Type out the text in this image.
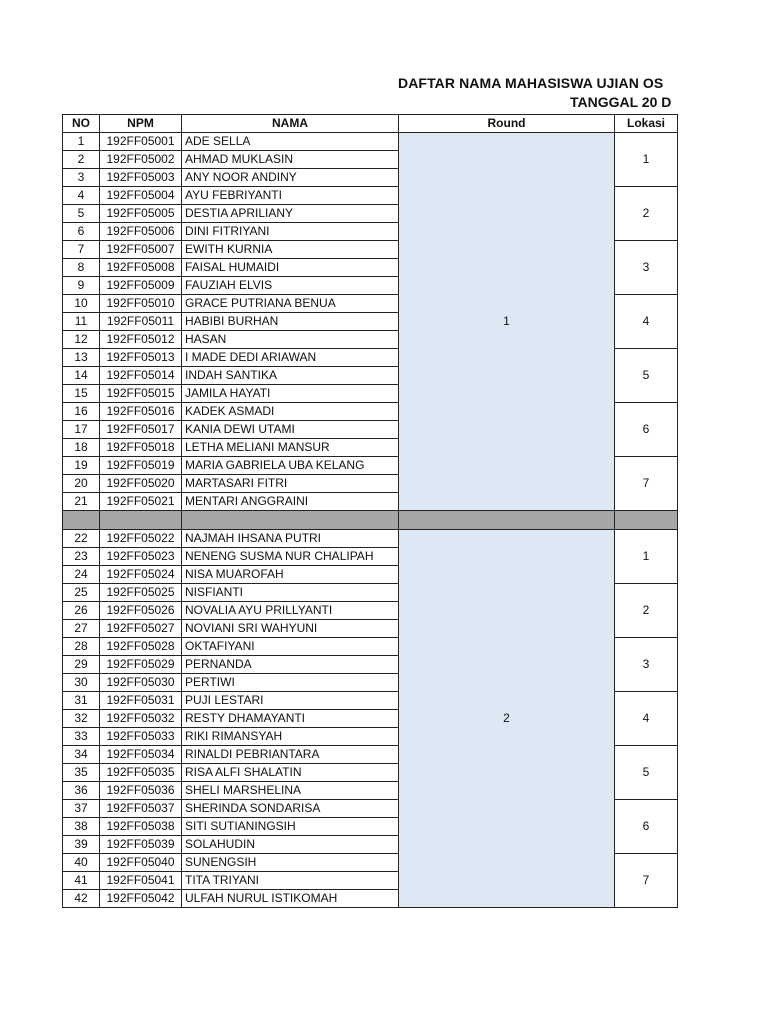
DAFTAR NAMA MAHASISWA UJIAN OS
TANGGAL 20 D
NO	NPM	NAMA	Round	Lokasi
1	192FF05001	ADE SELLA	1	1
2	192FF05002	AHMAD MUKLASIN		
3	192FF05003	ANY NOOR ANDINY		
4	192FF05004	AYU FEBRIYANTI		2
5	192FF05005	DESTIA APRILIANY		
6	192FF05006	DINI FITRIYANI		
7	192FF05007	EWITH KURNIA		3
8	192FF05008	FAISAL HUMAIDI		
9	192FF05009	FAUZIAH ELVIS		
10	192FF05010	GRACE PUTRIANA BENUA		4
11	192FF05011	HABIBI BURHAN		
12	192FF05012	HASAN		
13	192FF05013	I MADE DEDI ARIAWAN		5
14	192FF05014	INDAH SANTIKA		
15	192FF05015	JAMILA HAYATI		
16	192FF05016	KADEK ASMADI		6
17	192FF05017	KANIA DEWI UTAMI		
18	192FF05018	LETHA MELIANI MANSUR		
19	192FF05019	MARIA GABRIELA UBA KELANG		7
20	192FF05020	MARTASARI FITRI		
21	192FF05021	MENTARI ANGGRAINI		

22	192FF05022	NAJMAH IHSANA PUTRI	2	1
23	192FF05023	NENENG SUSMA NUR CHALIPAH		
24	192FF05024	NISA MUAROFAH		
25	192FF05025	NISFIANTI		2
26	192FF05026	NOVALIA AYU PRILLYANTI		
27	192FF05027	NOVIANI SRI WAHYUNI		
28	192FF05028	OKTAFIYANI		3
29	192FF05029	PERNANDA		
30	192FF05030	PERTIWI		
31	192FF05031	PUJI LESTARI		4
32	192FF05032	RESTY DHAMAYANTI		
33	192FF05033	RIKI RIMANSYAH		
34	192FF05034	RINALDI PEBRIANTARA		5
35	192FF05035	RISA ALFI SHALATIN		
36	192FF05036	SHELI MARSHELINA		
37	192FF05037	SHERINDA SONDARISA		6
38	192FF05038	SITI SUTIANINGSIH		
39	192FF05039	SOLAHUDIN		
40	192FF05040	SUNENGSIH		7
41	192FF05041	TITA TRIYANI		
42	192FF05042	ULFAH NURUL ISTIKOMAH		
